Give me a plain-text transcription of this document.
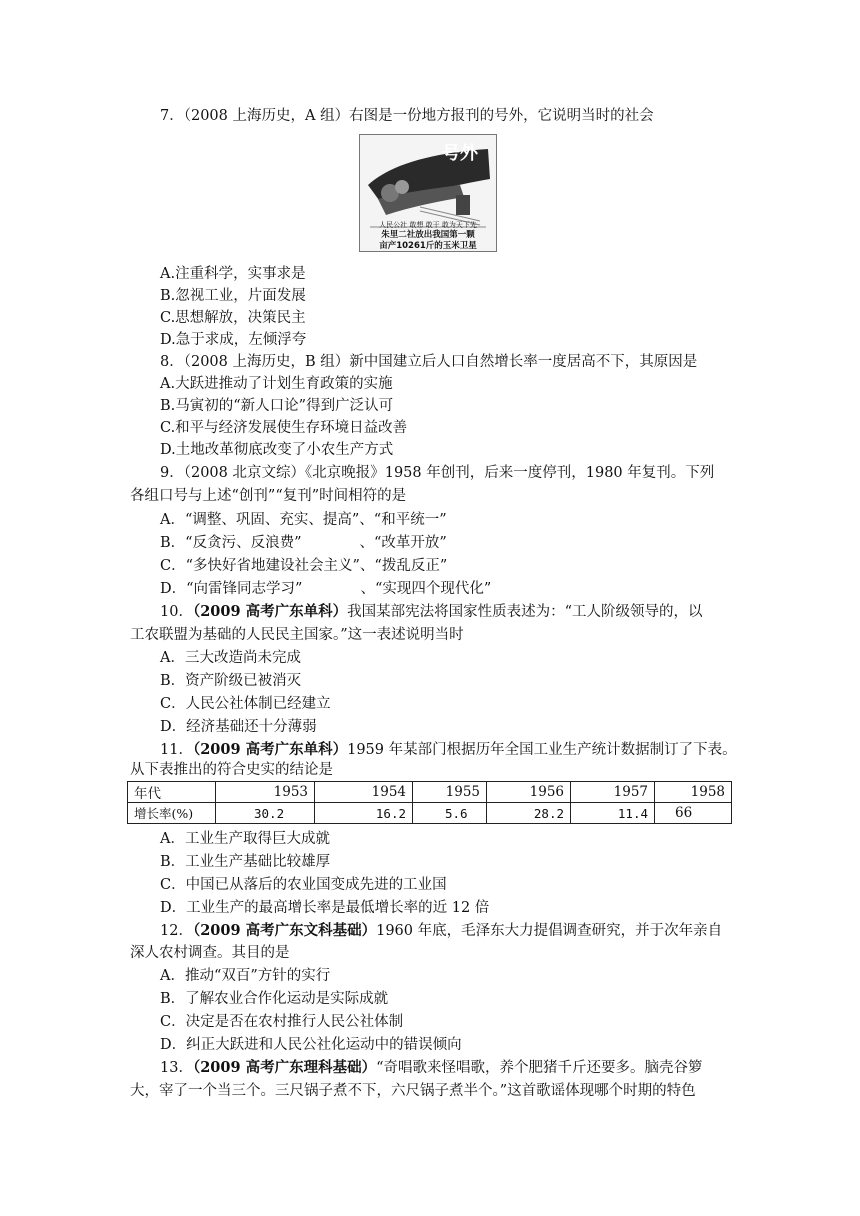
7．（2008 上海历史，A 组）右图是一份地方报刊的号外，它说明当时的社会
号外
人民公社 敢想 敢干 敢为天下先
朱里二社放出我国第一颗
亩产10261斤的玉米卫星
A.注重科学，实事求是
B.忽视工业，片面发展
C.思想解放，决策民主
D.急于求成，左倾浮夸
8．（2008 上海历史，B 组）新中国建立后人口自然增长率一度居高不下，其原因是
A.大跃进推动了计划生育政策的实施
B.马寅初的“新人口论”得到广泛认可
C.和平与经济发展使生存环境日益改善
D.土地改革彻底改变了小农生产方式
9．（2008 北京文综）《北京晚报》1958 年创刊，后来一度停刊，1980 年复刊。下列
各组口号与上述“创刊”“复刊”时间相符的是
A．“调整、巩固、充实、提高”、“和平统一”
B．“反贪污、反浪费”　　　　、“改革开放”
C．“多快好省地建设社会主义”、“拨乱反正”
D．“向雷锋同志学习”　　　　、“实现四个现代化”
10．（2009 高考广东单科）我国某部宪法将国家性质表述为：“工人阶级领导的，以
工农联盟为基础的人民民主国家。”这一表述说明当时
A．三大改造尚未完成
B．资产阶级已被消灭
C．人民公社体制已经建立
D．经济基础还十分薄弱
11．（2009 高考广东单科）1959 年某部门根据历年全国工业生产统计数据制订了下表。
从下表推出的符合史实的结论是
年代	1953	1954	1955	1956	1957	1958
增长率(%)	30.2	16.2	5.6	28.2	11.4	66
A．工业生产取得巨大成就
B．工业生产基础比较雄厚
C．中国已从落后的农业国变成先进的工业国
D．工业生产的最高增长率是最低增长率的近 12 倍
12．（2009 高考广东文科基础）1960 年底，毛泽东大力提倡调查研究，并于次年亲自
深人农村调查。其目的是
A．推动“双百”方针的实行
B．了解农业合作化运动是实际成就
C．决定是否在农村推行人民公社体制
D．纠正大跃进和人民公社化运动中的错误倾向
13．（2009 高考广东理科基础）“奇唱歌来怪唱歌，养个肥猪千斤还要多。脑壳谷箩
大，宰了一个当三个。三尺锅子煮不下，六尺锅子煮半个。”这首歌谣体现哪个时期的特色
